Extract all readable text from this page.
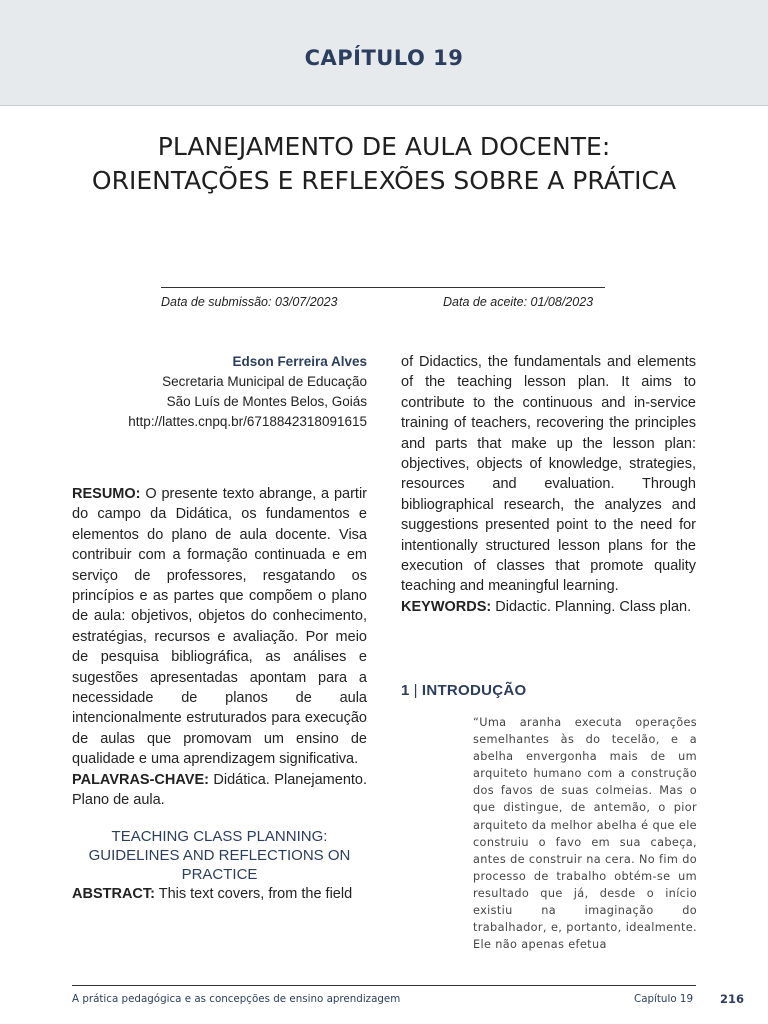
CAPÍTULO 19
PLANEJAMENTO DE AULA DOCENTE:
ORIENTAÇÕES E REFLEXÕES SOBRE A PRÁTICA
Data de submissão: 03/07/2023	Data de aceite: 01/08/2023
Edson Ferreira Alves
Secretaria Municipal de Educação
São Luís de Montes Belos, Goiás
http://lattes.cnpq.br/6718842318091615

RESUMO: O presente texto abrange, a partir do campo da Didática, os fundamentos e elementos do plano de aula docente. Visa contribuir com a formação continuada e em serviço de professores, resgatando os princípios e as partes que compõem o plano de aula: objetivos, objetos do conhecimento, estratégias, recursos e avaliação. Por meio de pesquisa bibliográfica, as análises e sugestões apresentadas apontam para a necessidade de planos de aula intencionalmente estruturados para execução de aulas que promovam um ensino de qualidade e uma aprendizagem significativa.

PALAVRAS-CHAVE: Didática. Planejamento. Plano de aula.

TEACHING CLASS PLANNING: GUIDELINES AND REFLECTIONS ON PRACTICE

ABSTRACT: This text covers, from the field

of Didactics, the fundamentals and elements of the teaching lesson plan. It aims to contribute to the continuous and in-service training of teachers, recovering the principles and parts that make up the lesson plan: objectives, objects of knowledge, strategies, resources and evaluation. Through bibliographical research, the analyzes and suggestions presented point to the need for intentionally structured lesson plans for the execution of classes that promote quality teaching and meaningful learning.

KEYWORDS: Didactic. Planning. Class plan.

1 | INTRODUÇÃO

“Uma aranha executa operações semelhantes às do tecelão, e a abelha envergonha mais de um arquiteto humano com a construção dos favos de suas colmeias. Mas o que distingue, de antemão, o pior arquiteto da melhor abelha é que ele construiu o favo em sua cabeça, antes de construir na cera. No fim do processo de trabalho obtém-se um resultado que já, desde o início existiu na imaginação do trabalhador, e, portanto, idealmente. Ele não apenas efetua

A prática pedagógica e as concepções de ensino aprendizagem	Capítulo 19 216
